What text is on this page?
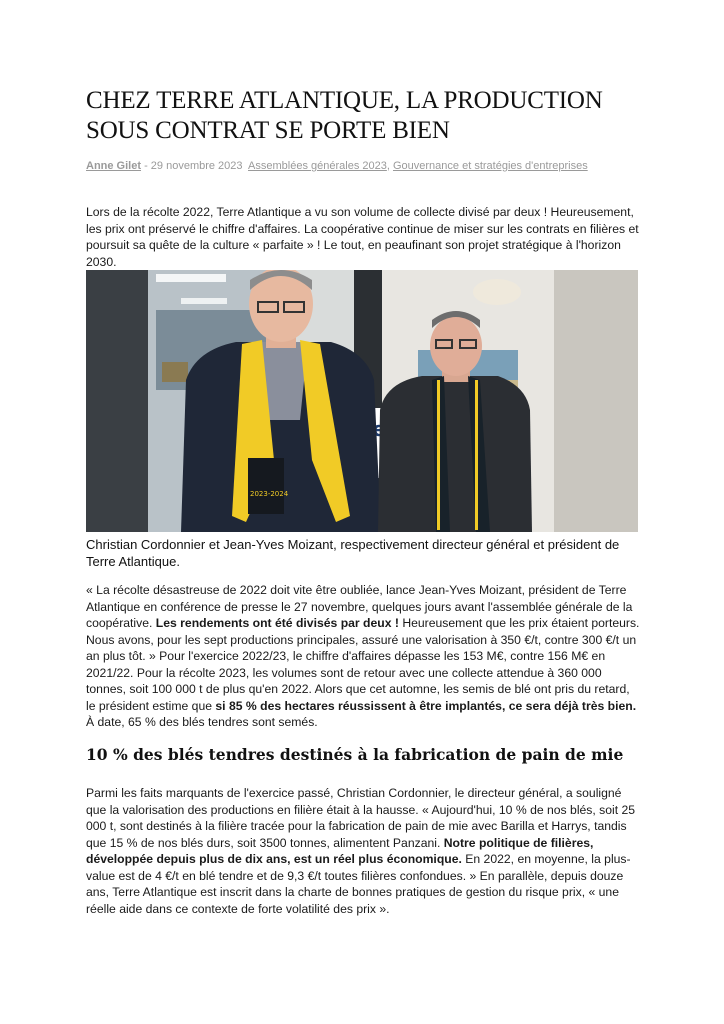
CHEZ TERRE ATLANTIQUE, LA PRODUCTION SOUS CONTRAT SE PORTE BIEN
Anne Gilet - 29 novembre 2023 Assemblées générales 2023, Gouvernance et stratégies d'entreprises

Lors de la récolte 2022, Terre Atlantique a vu son volume de collecte divisé par deux ! Heureusement, les prix ont préservé le chiffre d'affaires. La coopérative continue de miser sur les contrats en filières et poursuit sa quête de la culture « parfaite » ! Le tout, en peaufinant son projet stratégique à l'horizon 2030.

2023-2024

Christian Cordonnier et Jean-Yves Moizant, respectivement directeur général et président de Terre Atlantique.

« La récolte désastreuse de 2022 doit vite être oubliée, lance Jean-Yves Moizant, président de Terre Atlantique en conférence de presse le 27 novembre, quelques jours avant l'assemblée générale de la coopérative. Les rendements ont été divisés par deux ! Heureusement que les prix étaient porteurs. Nous avons, pour les sept productions principales, assuré une valorisation à 350 €/t, contre 300 €/t un an plus tôt. » Pour l'exercice 2022/23, le chiffre d'affaires dépasse les 153 M€, contre 156 M€ en 2021/22. Pour la récolte 2023, les volumes sont de retour avec une collecte attendue à 360 000 tonnes, soit 100 000 t de plus qu'en 2022. Alors que cet automne, les semis de blé ont pris du retard, le président estime que si 85 % des hectares réussissent à être implantés, ce sera déjà très bien. À date, 65 % des blés tendres sont semés.

10 % des blés tendres destinés à la fabrication de pain de mie

Parmi les faits marquants de l'exercice passé, Christian Cordonnier, le directeur général, a souligné que la valorisation des productions en filière était à la hausse. « Aujourd'hui, 10 % de nos blés, soit 25 000 t, sont destinés à la filière tracée pour la fabrication de pain de mie avec Barilla et Harrys, tandis que 15 % de nos blés durs, soit 3500 tonnes, alimentent Panzani. Notre politique de filières, développée depuis plus de dix ans, est un réel plus économique. En 2022, en moyenne, la plus-value est de 4 €/t en blé tendre et de 9,3 €/t toutes filières confondues. » En parallèle, depuis douze ans, Terre Atlantique est inscrit dans la charte de bonnes pratiques de gestion du risque prix, « une réelle aide dans ce contexte de forte volatilité des prix ».
